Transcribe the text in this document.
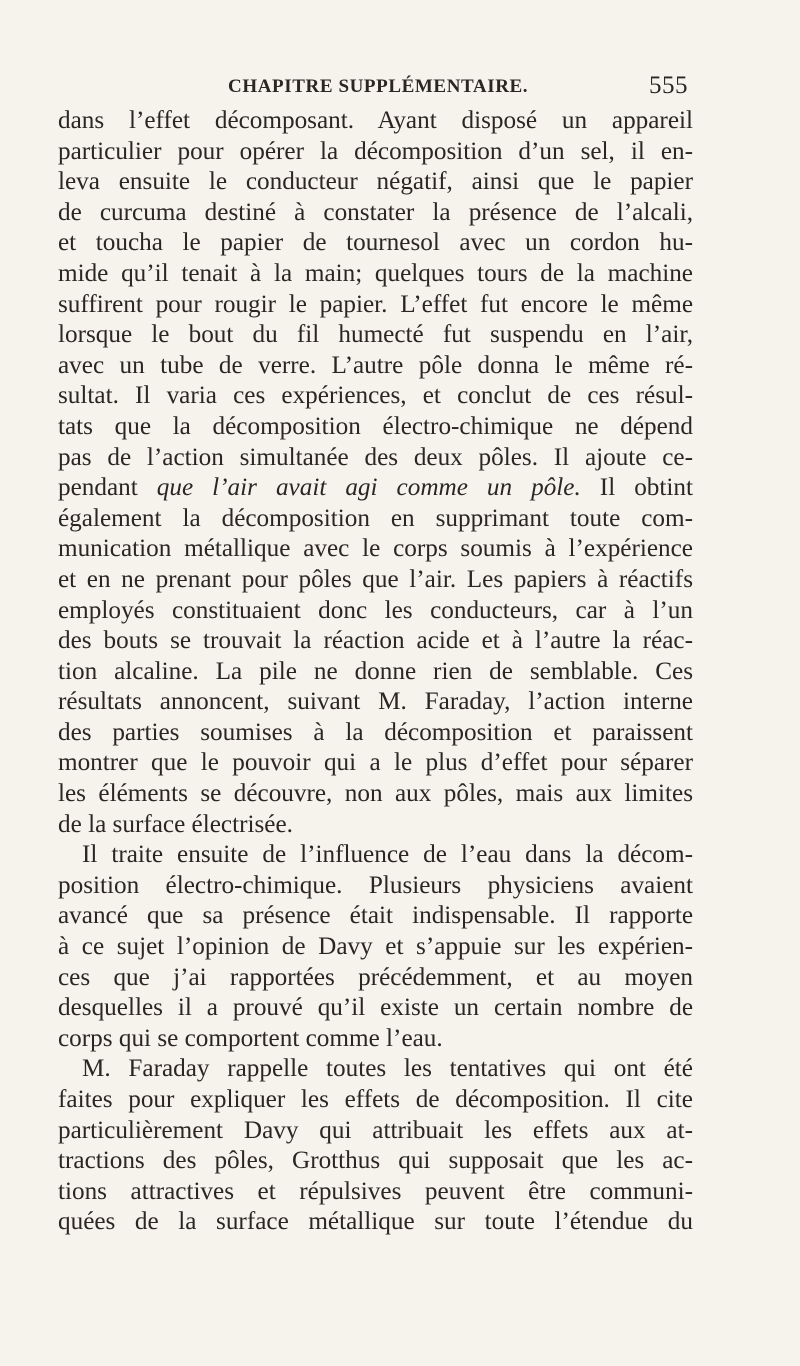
CHAPITRE SUPPLÉMENTAIRE.	555
dans l’effet décomposant. Ayant disposé un appareil
particulier pour opérer la décomposition d’un sel, il en-
leva ensuite le conducteur négatif, ainsi que le papier
de curcuma destiné à constater la présence de l’alcali,
et toucha le papier de tournesol avec un cordon hu-
mide qu’il tenait à la main; quelques tours de la machine
suffirent pour rougir le papier. L’effet fut encore le même
lorsque le bout du fil humecté fut suspendu en l’air,
avec un tube de verre. L’autre pôle donna le même ré-
sultat. Il varia ces expériences, et conclut de ces résul-
tats que la décomposition électro-chimique ne dépend
pas de l’action simultanée des deux pôles. Il ajoute ce-
pendant que l’air avait agi comme un pôle. Il obtint
également la décomposition en supprimant toute com-
munication métallique avec le corps soumis à l’expérience
et en ne prenant pour pôles que l’air. Les papiers à réactifs
employés constituaient donc les conducteurs, car à l’un
des bouts se trouvait la réaction acide et à l’autre la réac-
tion alcaline. La pile ne donne rien de semblable. Ces
résultats annoncent, suivant M. Faraday, l’action interne
des parties soumises à la décomposition et paraissent
montrer que le pouvoir qui a le plus d’effet pour séparer
les éléments se découvre, non aux pôles, mais aux limites
de la surface électrisée.
Il traite ensuite de l’influence de l’eau dans la décom-
position électro-chimique. Plusieurs physiciens avaient
avancé que sa présence était indispensable. Il rapporte
à ce sujet l’opinion de Davy et s’appuie sur les expérien-
ces que j’ai rapportées précédemment, et au moyen
desquelles il a prouvé qu’il existe un certain nombre de
corps qui se comportent comme l’eau.
M. Faraday rappelle toutes les tentatives qui ont été
faites pour expliquer les effets de décomposition. Il cite
particulièrement Davy qui attribuait les effets aux at-
tractions des pôles, Grotthus qui supposait que les ac-
tions attractives et répulsives peuvent être communi-
quées de la surface métallique sur toute l’étendue du
